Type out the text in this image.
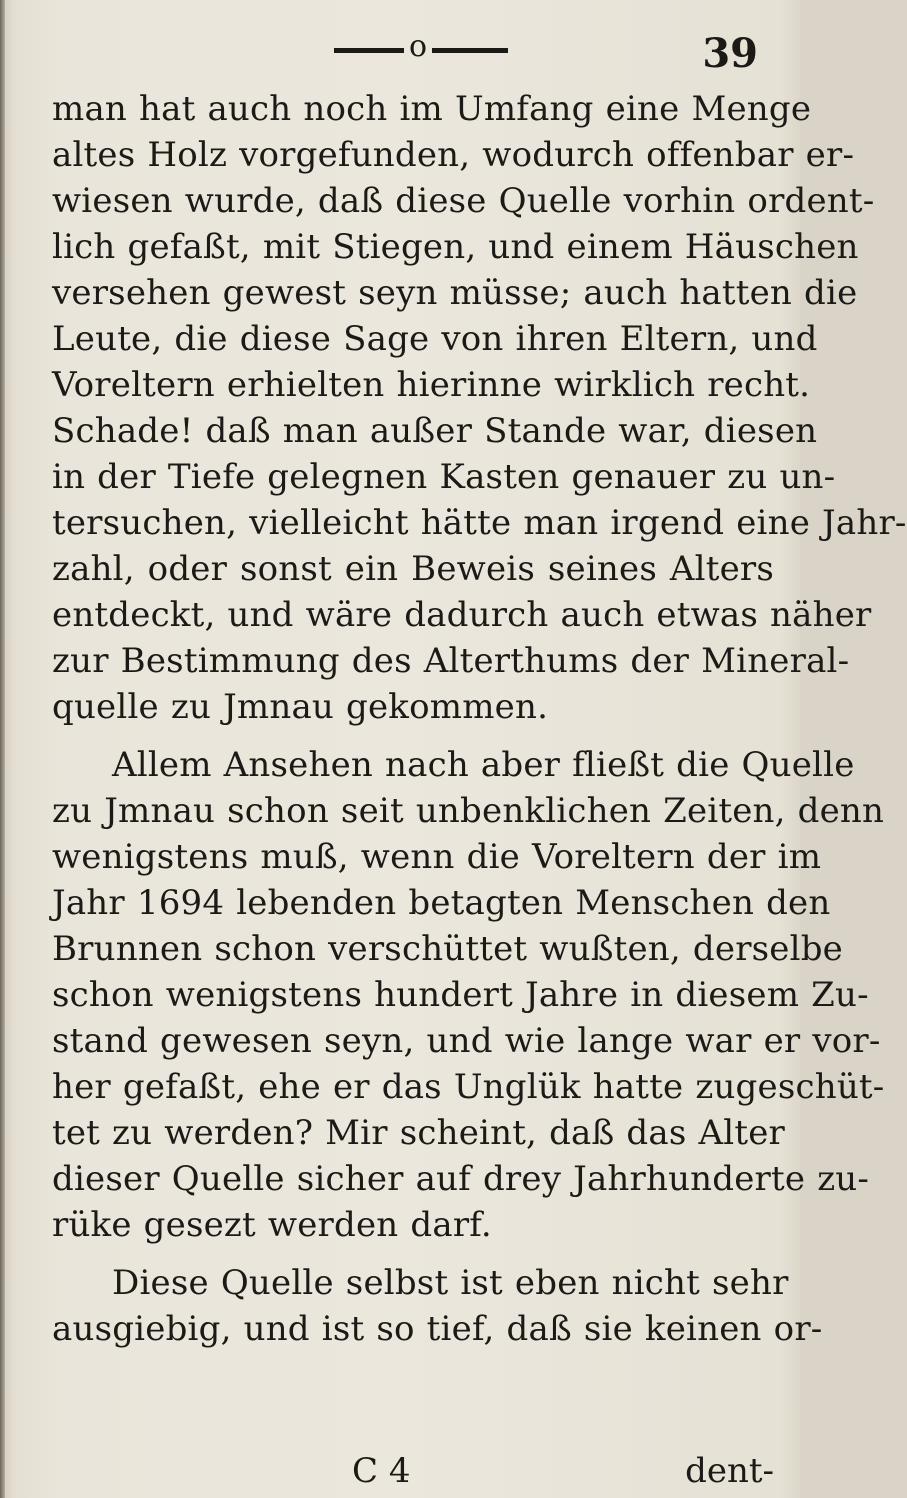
o	39
man hat auch noch im Umfang eine Menge
altes Holz vorgefunden, wodurch offenbar er-
wiesen wurde, daß diese Quelle vorhin ordent-
lich gefaßt, mit Stiegen, und einem Häuschen
versehen gewest seyn müsse; auch hatten die
Leute, die diese Sage von ihren Eltern, und
Voreltern erhielten hierinne wirklich recht.
Schade! daß man außer Stande war, diesen
in der Tiefe gelegnen Kasten genauer zu un-
tersuchen, vielleicht hätte man irgend eine Jahr-
zahl, oder sonst ein Beweis seines Alters
entdeckt, und wäre dadurch auch etwas näher
zur Bestimmung des Alterthums der Mineral-
quelle zu Jmnau gekommen.
Allem Ansehen nach aber fließt die Quelle
zu Jmnau schon seit unbenklichen Zeiten, denn
wenigstens muß, wenn die Voreltern der im
Jahr 1694 lebenden betagten Menschen den
Brunnen schon verschüttet wußten, derselbe
schon wenigstens hundert Jahre in diesem Zu-
stand gewesen seyn, und wie lange war er vor-
her gefaßt, ehe er das Unglük hatte zugeschüt-
tet zu werden? Mir scheint, daß das Alter
dieser Quelle sicher auf drey Jahrhunderte zu-
rüke gesezt werden darf.
Diese Quelle selbst ist eben nicht sehr
ausgiebig, und ist so tief, daß sie keinen or-
C 4	dent-
